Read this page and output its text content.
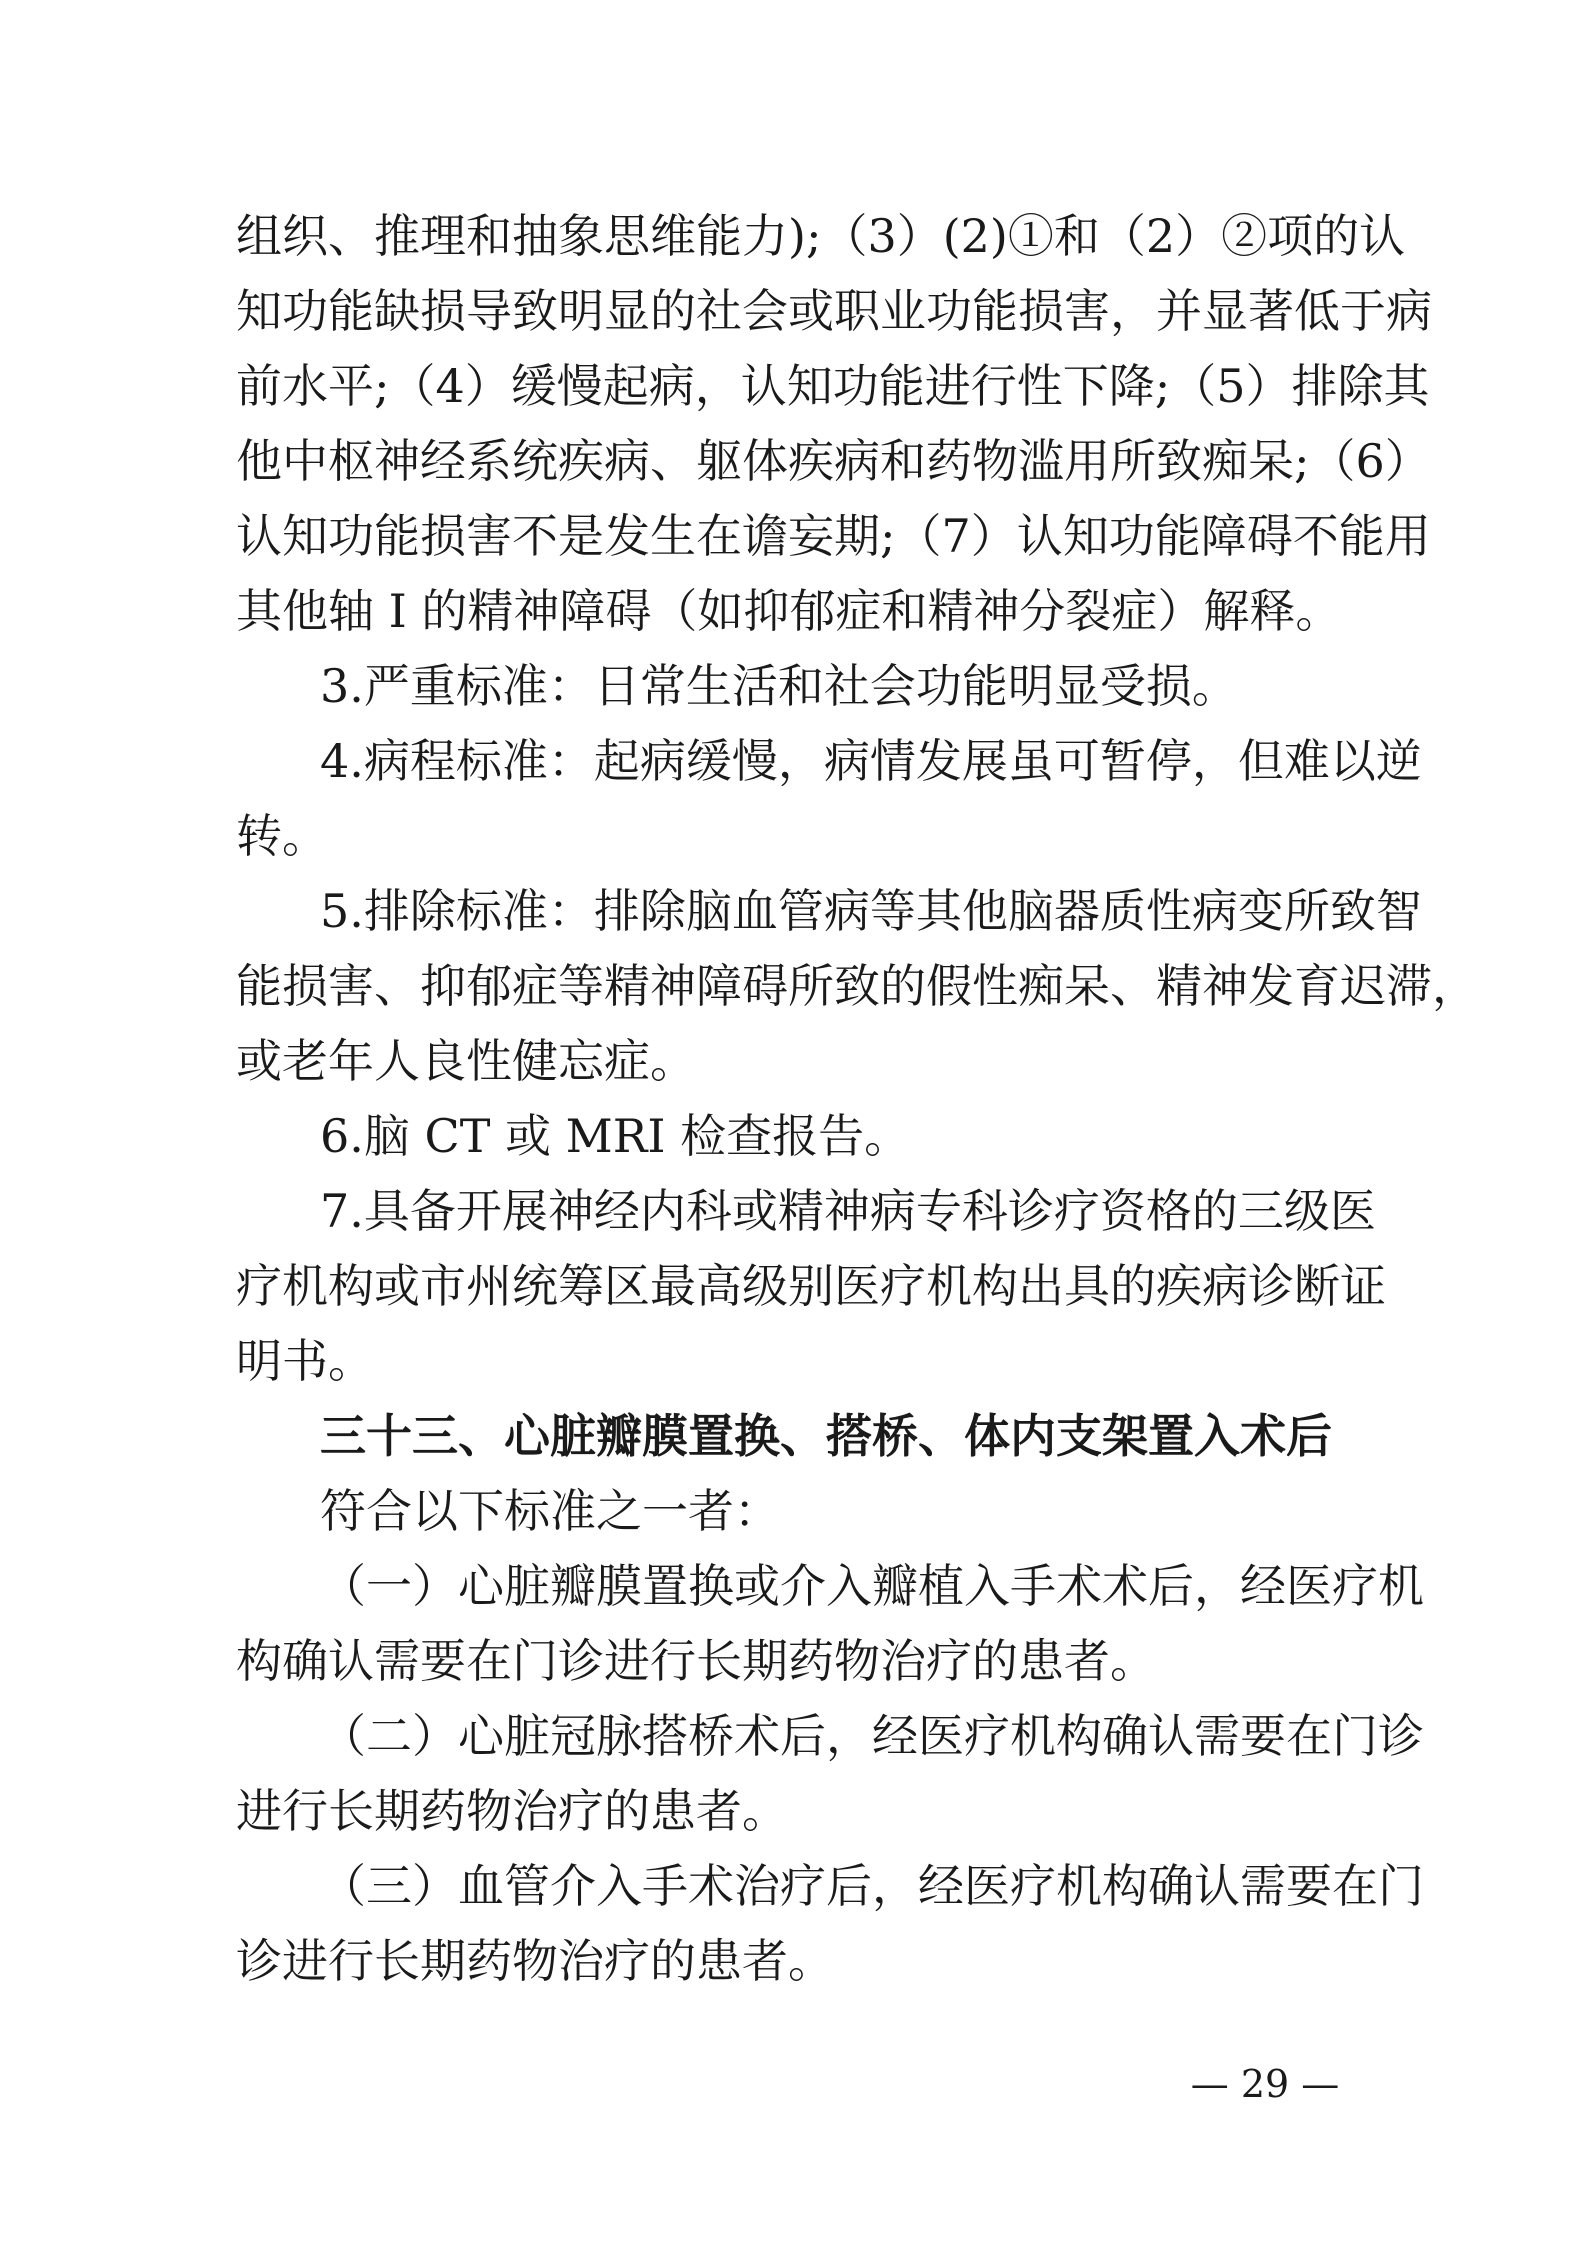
组织、推理和抽象思维能力);（3）(2)①和（2）②项的认
知功能缺损导致明显的社会或职业功能损害，并显著低于病
前水平;（4）缓慢起病，认知功能进行性下降;（5）排除其
他中枢神经系统疾病、躯体疾病和药物滥用所致痴呆;（6）
认知功能损害不是发生在谵妄期;（7）认知功能障碍不能用
其他轴 I 的精神障碍（如抑郁症和精神分裂症）解释。
3.严重标准：日常生活和社会功能明显受损。
4.病程标准：起病缓慢，病情发展虽可暂停，但难以逆
转。
5.排除标准：排除脑血管病等其他脑器质性病变所致智
能损害、抑郁症等精神障碍所致的假性痴呆、精神发育迟滞，
或老年人良性健忘症。
6.脑 CT 或 MRI 检查报告。
7.具备开展神经内科或精神病专科诊疗资格的三级医
疗机构或市州统筹区最高级别医疗机构出具的疾病诊断证
明书。
三十三、心脏瓣膜置换、搭桥、体内支架置入术后
符合以下标准之一者：
（一）心脏瓣膜置换或介入瓣植入手术术后，经医疗机
构确认需要在门诊进行长期药物治疗的患者。
（二）心脏冠脉搭桥术后，经医疗机构确认需要在门诊
进行长期药物治疗的患者。
（三）血管介入手术治疗后，经医疗机构确认需要在门
诊进行长期药物治疗的患者。
— 29 —
